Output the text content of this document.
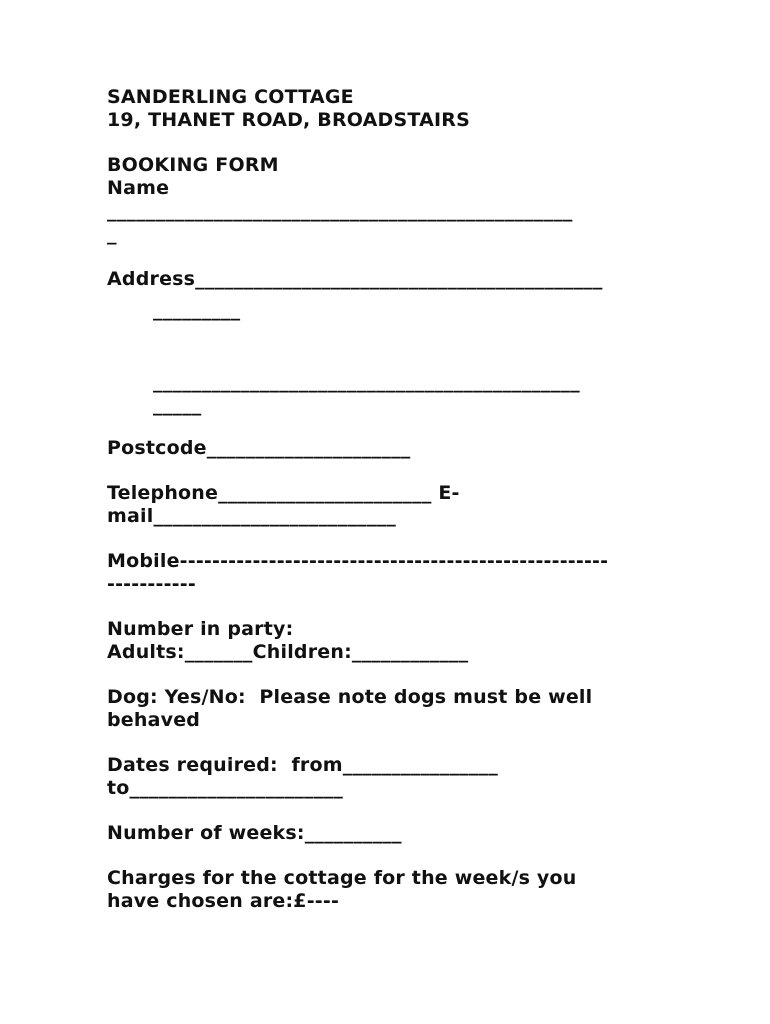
SANDERLING COTTAGE
19, THANET ROAD, BROADSTAIRS
BOOKING FORM
Name
________________________________________________
_
Address__________________________________________
_________
____________________________________________
_____
Postcode_____________________
Telephone______________________ E-
mail_________________________
Mobile-----------------------------------------------------
-----------
Number in party:
Adults:_______Children:____________
Dog: Yes/No:  Please note dogs must be well
behaved
Dates required:  from________________
to______________________
Number of weeks:__________
Charges for the cottage for the week/s you
have chosen are:£----
